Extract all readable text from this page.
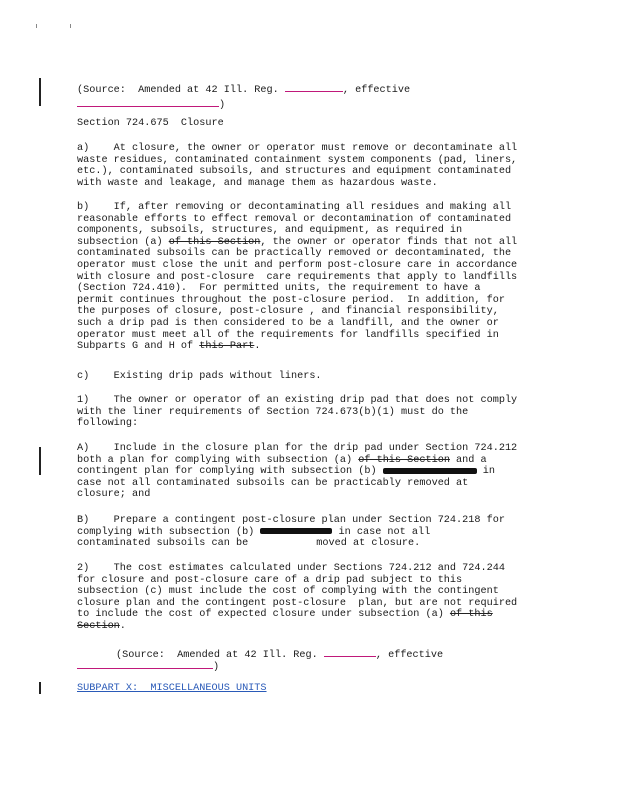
(Source:  Amended at 42 Ill. Reg.	, effective
)
Section 724.675  Closure
a)    At closure, the owner or operator must remove or decontaminate all
waste residues, contaminated containment system components (pad, liners,
etc.), contaminated subsoils, and structures and equipment contaminated
with waste and leakage, and manage them as hazardous waste.
b)    If, after removing or decontaminating all residues and making all
reasonable efforts to effect removal or decontamination of contaminated
components, subsoils, structures, and equipment, as required in
subsection (a) of this Section, the owner or operator finds that not all
contaminated subsoils can be practically removed or decontaminated, the
operator must close the unit and perform post-closure care in accordance
with closure and post-closure  care requirements that apply to landfills
(Section 724.410).  For permitted units, the requirement to have a
permit continues throughout the post-closure period.  In addition, for
the purposes of closure, post-closure , and financial responsibility,
such a drip pad is then considered to be a landfill, and the owner or
operator must meet all of the requirements for landfills specified in
Subparts G and H of this Part.
c)    Existing drip pads without liners.
1)    The owner or operator of an existing drip pad that does not comply
with the liner requirements of Section 724.673(b)(1) must do the
following:
A)    Include in the closure plan for the drip pad under Section 724.212
both a plan for complying with subsection (a) of this Section and a
contingent plan for complying with subsection (b)	in
case not all contaminated subsoils can be practicably removed at
closure; and
B)    Prepare a contingent post-closure plan under Section 724.218 for
complying with subsection (b)	in case not all
contaminated subsoils can be	moved at closure.
2)    The cost estimates calculated under Sections 724.212 and 724.244
for closure and post-closure care of a drip pad subject to this
subsection (c) must include the cost of complying with the contingent
closure plan and the contingent post-closure  plan, but are not required
to include the cost of expected closure under subsection (a) of this
Section.
(Source:  Amended at 42 Ill. Reg.	, effective
)
SUBPART X:  MISCELLANEOUS UNITS
